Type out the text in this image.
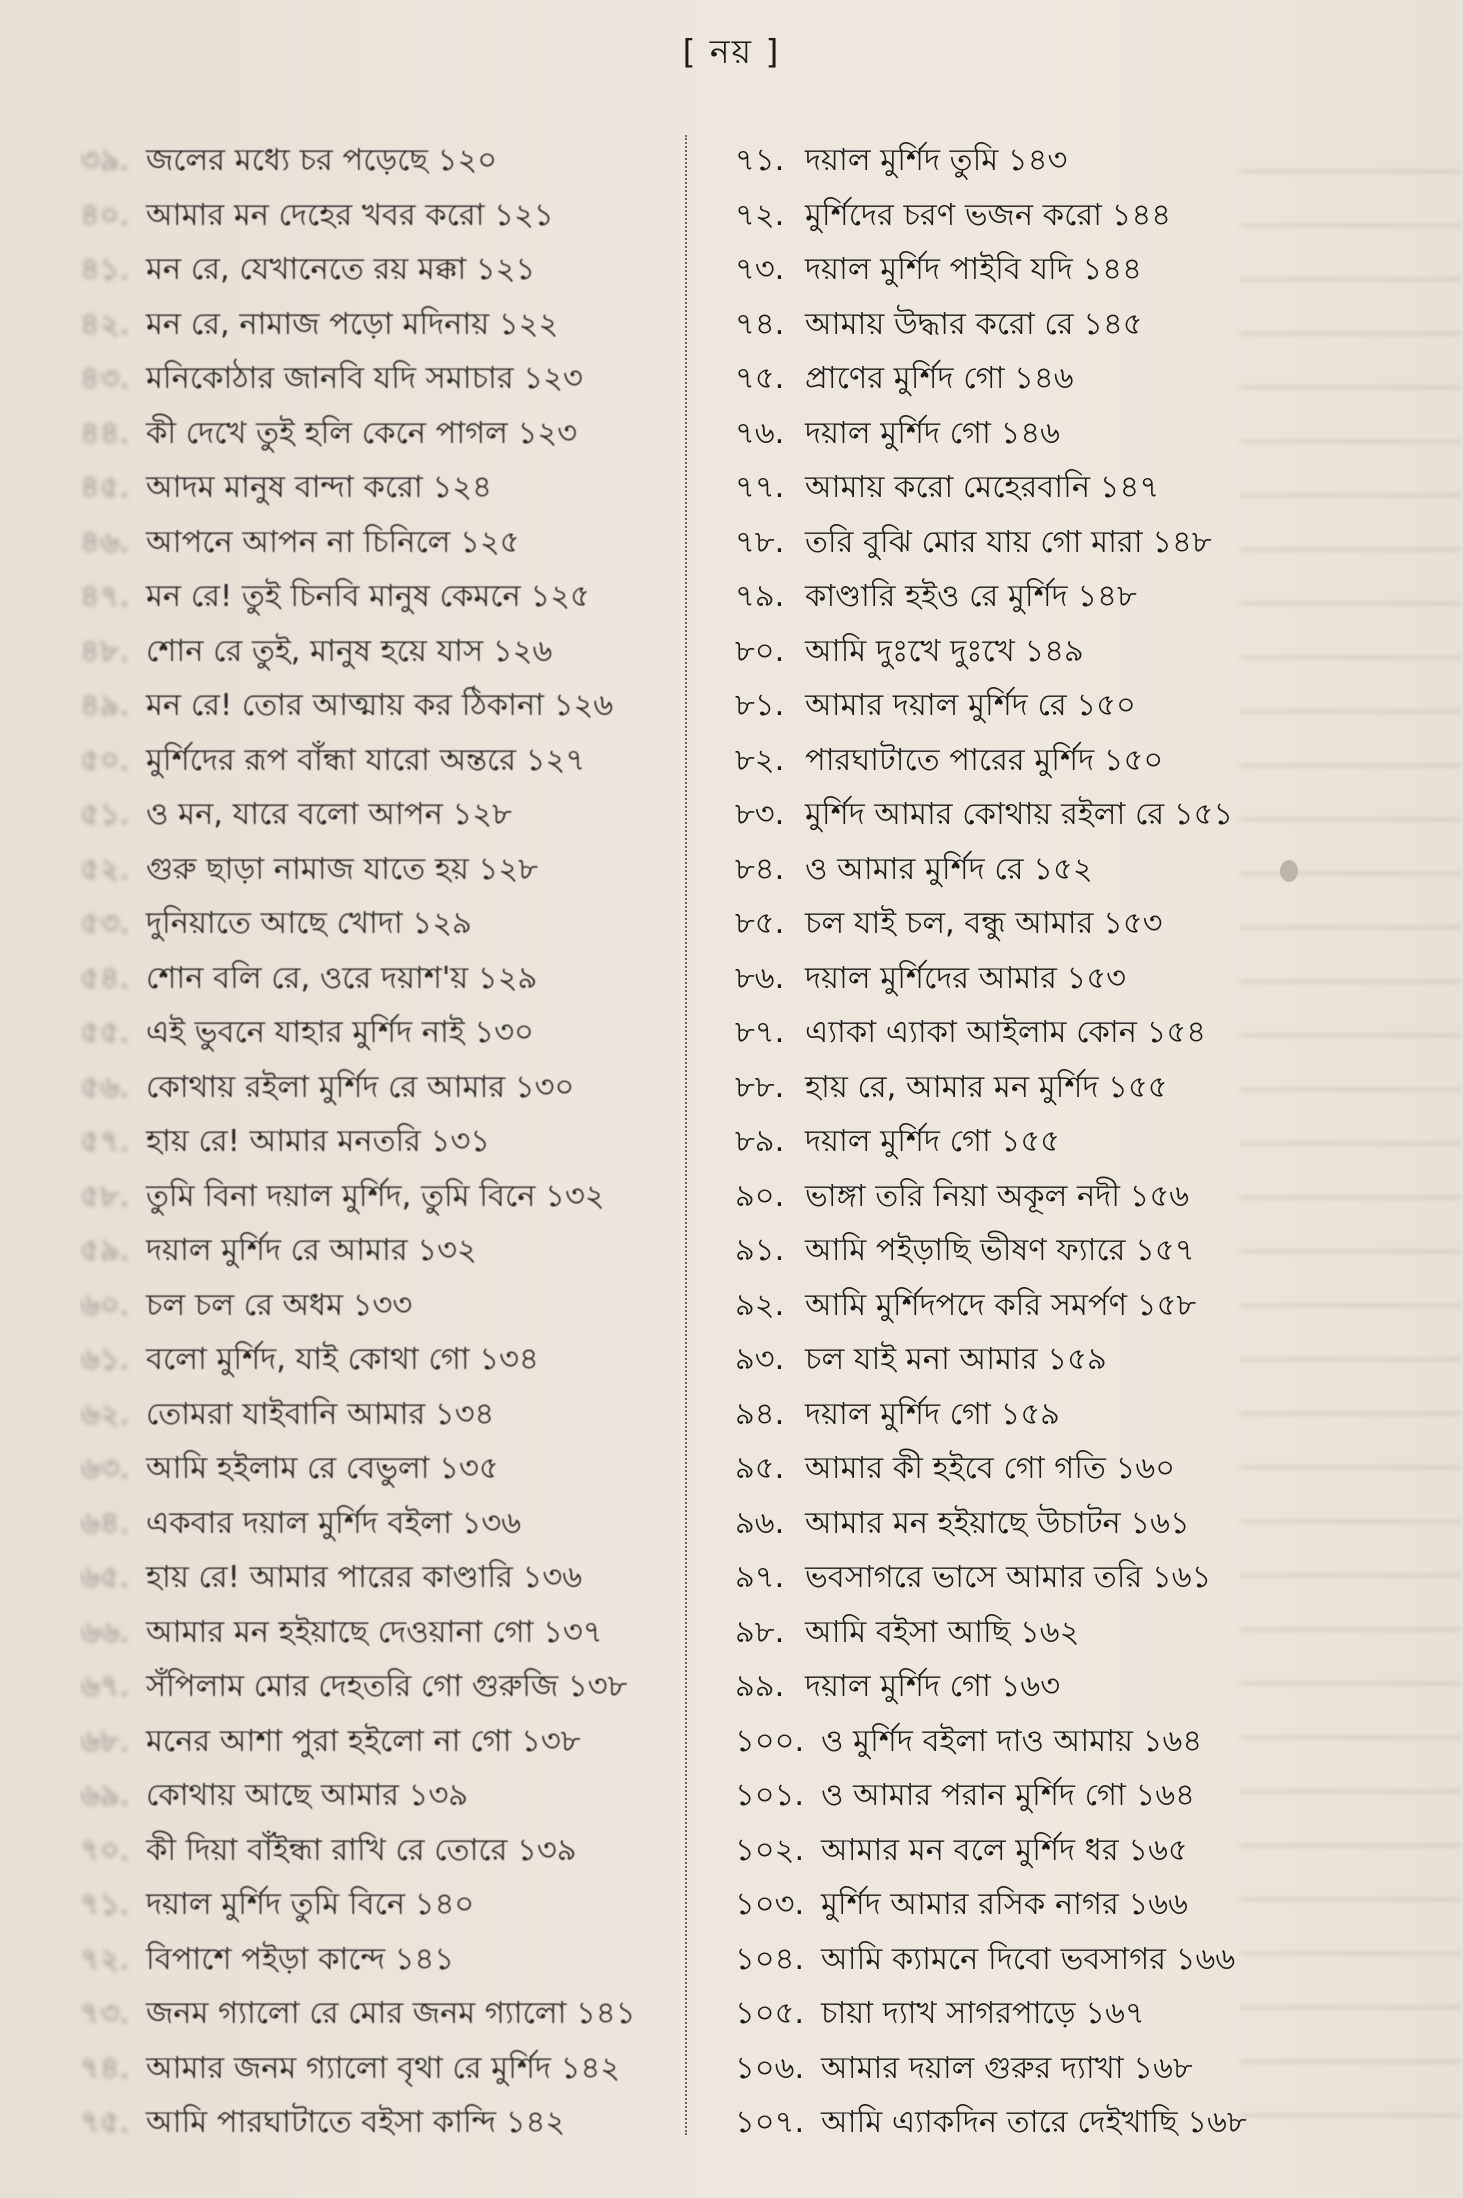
[ নয় ]
৩৯. জলের মধ্যে চর পড়েছে ১২০
৪০. আমার মন দেহের খবর করো ১২১
৪১. মন রে, যেখানেতে রয় মক্কা ১২১
৪২. মন রে, নামাজ পড়ো মদিনায় ১২২
৪৩. মনিকোঠার জানবি যদি সমাচার ১২৩
৪৪. কী দেখে তুই হলি কেনে পাগল ১২৩
৪৫. আদম মানুষ বান্দা করো ১২৪
৪৬. আপনে আপন না চিনিলে ১২৫
৪৭. মন রে! তুই চিনবি মানুষ কেমনে ১২৫
৪৮. শোন রে তুই, মানুষ হয়ে যাস ১২৬
৪৯. মন রে! তোর আত্মায় কর ঠিকানা ১২৬
৫০. মুর্শিদের রূপ বাঁন্ধা যারো অন্তরে ১২৭
৫১. ও মন, যারে বলো আপন ১২৮
৫২. গুরু ছাড়া নামাজ যাতে হয় ১২৮
৫৩. দুনিয়াতে আছে খোদা ১২৯
৫৪. শোন বলি রে, ওরে দয়াশ'য় ১২৯
৫৫. এই ভুবনে যাহার মুর্শিদ নাই ১৩০
৫৬. কোথায় রইলা মুর্শিদ রে আমার ১৩০
৫৭. হায় রে! আমার মনতরি ১৩১
৫৮. তুমি বিনা দয়াল মুর্শিদ, তুমি বিনে ১৩২
৫৯. দয়াল মুর্শিদ রে আমার ১৩২
৬০. চল চল রে অধম ১৩৩
৬১. বলো মুর্শিদ, যাই কোথা গো ১৩৪
৬২. তোমরা যাইবানি আমার ১৩৪
৬৩. আমি হইলাম রে বেভুলা ১৩৫
৬৪. একবার দয়াল মুর্শিদ বইলা ১৩৬
৬৫. হায় রে! আমার পারের কাণ্ডারি ১৩৬
৬৬. আমার মন হইয়াছে দেওয়ানা গো ১৩৭
৬৭. সঁপিলাম মোর দেহতরি গো গুরুজি ১৩৮
৬৮. মনের আশা পুরা হইলো না গো ১৩৮
৬৯. কোথায় আছে আমার ১৩৯
৭০. কী দিয়া বাঁইন্ধা রাখি রে তোরে ১৩৯
৭১. দয়াল মুর্শিদ তুমি বিনে ১৪০
৭২. বিপাশে পইড়া কান্দে ১৪১
৭৩. জনম গ্যালো রে মোর জনম গ্যালো ১৪১
৭৪. আমার জনম গ্যালো বৃথা রে মুর্শিদ ১৪২
৭৫. আমি পারঘাটাতে বইসা কান্দি ১৪২
৭১. দয়াল মুর্শিদ তুমি ১৪৩
৭২. মুর্শিদের চরণ ভজন করো ১৪৪
৭৩. দয়াল মুর্শিদ পাইবি যদি ১৪৪
৭৪. আমায় উদ্ধার করো রে ১৪৫
৭৫. প্রাণের মুর্শিদ গো ১৪৬
৭৬. দয়াল মুর্শিদ গো ১৪৬
৭৭. আমায় করো মেহেরবানি ১৪৭
৭৮. তরি বুঝি মোর যায় গো মারা ১৪৮
৭৯. কাণ্ডারি হইও রে মুর্শিদ ১৪৮
৮০. আমি দুঃখে দুঃখে ১৪৯
৮১. আমার দয়াল মুর্শিদ রে ১৫০
৮২. পারঘাটাতে পারের মুর্শিদ ১৫০
৮৩. মুর্শিদ আমার কোথায় রইলা রে ১৫১
৮৪. ও আমার মুর্শিদ রে ১৫২
৮৫. চল যাই চল, বন্ধু আমার ১৫৩
৮৬. দয়াল মুর্শিদের আমার ১৫৩
৮৭. এ্যাকা এ্যাকা আইলাম কোন ১৫৪
৮৮. হায় রে, আমার মন মুর্শিদ ১৫৫
৮৯. দয়াল মুর্শিদ গো ১৫৫
৯০. ভাঙ্গা তরি নিয়া অকূল নদী ১৫৬
৯১. আমি পইড়াছি ভীষণ ফ্যারে ১৫৭
৯২. আমি মুর্শিদপদে করি সমর্পণ ১৫৮
৯৩. চল যাই মনা আমার ১৫৯
৯৪. দয়াল মুর্শিদ গো ১৫৯
৯৫. আমার কী হইবে গো গতি ১৬০
৯৬. আমার মন হইয়াছে উচাটন ১৬১
৯৭. ভবসাগরে ভাসে আমার তরি ১৬১
৯৮. আমি বইসা আছি ১৬২
৯৯. দয়াল মুর্শিদ গো ১৬৩
১০০. ও মুর্শিদ বইলা দাও আমায় ১৬৪
১০১. ও আমার পরান মুর্শিদ গো ১৬৪
১০২. আমার মন বলে মুর্শিদ ধর ১৬৫
১০৩. মুর্শিদ আমার রসিক নাগর ১৬৬
১০৪. আমি ক্যামনে দিবো ভবসাগর ১৬৬
১০৫. চায়া দ্যাখ সাগরপাড়ে ১৬৭
১০৬. আমার দয়াল গুরুর দ্যাখা ১৬৮
১০৭. আমি এ্যাকদিন তারে দেইখাছি ১৬৮
